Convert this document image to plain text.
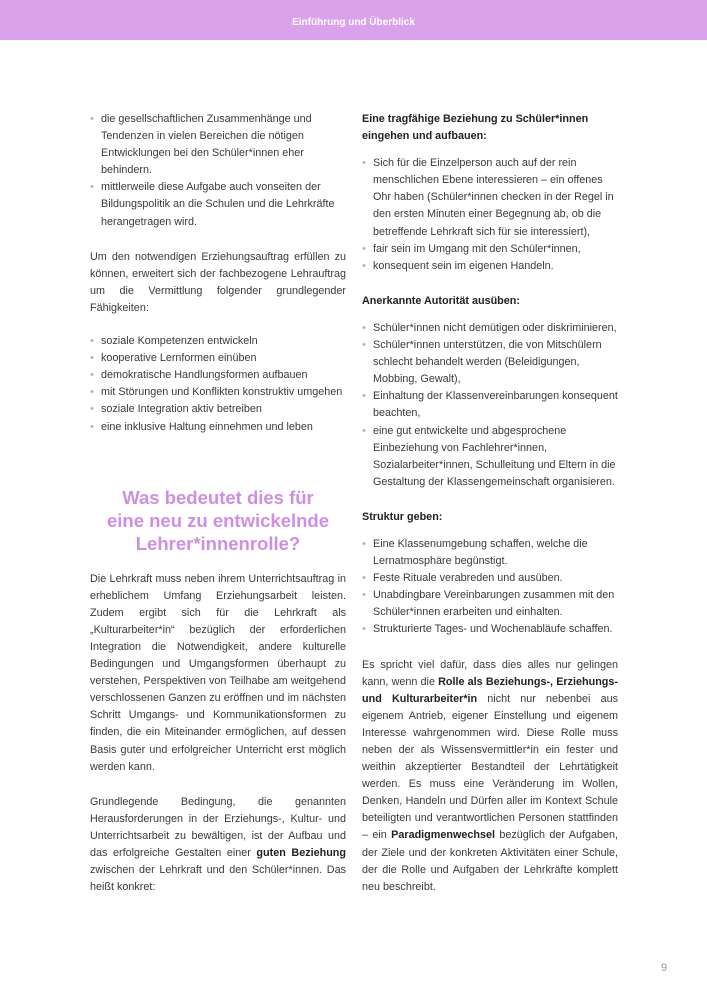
Einführung und Überblick
• die gesellschaftlichen Zusammenhänge und Tendenzen in vielen Bereichen die nötigen Entwicklungen bei den Schüler*innen eher behindern.
• mittlerweile diese Aufgabe auch vonseiten der Bildungspolitik an die Schulen und die Lehrkräfte herangetragen wird.

Um den notwendigen Erziehungsauftrag erfüllen zu können, erweitert sich der fachbezogene Lehrauftrag um die Vermittlung folgender grundlegender Fähigkeiten:

• soziale Kompetenzen entwickeln
• kooperative Lernformen einüben
• demokratische Handlungsformen aufbauen
• mit Störungen und Konflikten konstruktiv umgehen
• soziale Integration aktiv betreiben
• eine inklusive Haltung einnehmen und leben

Was bedeutet dies für

eine neu zu entwickelnde

Lehrer*innenrolle?

Die Lehrkraft muss neben ihrem Unterrichtsauftrag in erheblichem Umfang Erziehungsarbeit leisten. Zudem ergibt sich für die Lehrkraft als „Kulturarbeiter*in“ bezüglich der erforderlichen Integration die Notwendigkeit, andere kulturelle Bedingungen und Umgangsformen überhaupt zu verstehen, Perspektiven von Teilhabe am weitgehend verschlossenen Ganzen zu eröffnen und im nächsten Schritt Umgangs- und Kommunikationsformen zu finden, die ein Miteinander ermöglichen, auf dessen Basis guter und erfolgreicher Unterricht erst möglich werden kann.

Grundlegende Bedingung, die genannten Herausforderungen in der Erziehungs-, Kultur- und Unterrichtsarbeit zu bewältigen, ist der Aufbau und das erfolgreiche Gestalten einer guten Beziehung zwischen der Lehrkraft und den Schüler*innen. Das heißt konkret:

Eine tragfähige Beziehung zu Schüler*innen eingehen und aufbauen:

• Sich für die Einzelperson auch auf der rein menschlichen Ebene interessieren – ein offenes Ohr haben (Schüler*innen checken in der Regel in den ersten Minuten einer Begegnung ab, ob die betreffende Lehrkraft sich für sie interessiert),
• fair sein im Umgang mit den Schüler*innen,
• konsequent sein im eigenen Handeln.

Anerkannte Autorität ausüben:

• Schüler*innen nicht demütigen oder diskriminieren,
• Schüler*innen unterstützen, die von Mitschülern schlecht behandelt werden (Beleidigungen, Mobbing, Gewalt),
• Einhaltung der Klassenvereinbarungen konsequent beachten,
• eine gut entwickelte und abgesprochene Einbeziehung von Fachlehrer*innen, Sozialarbeiter*innen, Schulleitung und Eltern in die Gestaltung der Klassengemeinschaft organisieren.

Struktur geben:

• Eine Klassenumgebung schaffen, welche die Lernatmosphäre begünstigt.
• Feste Rituale verabreden und ausüben.
• Unabdingbare Vereinbarungen zusammen mit den Schüler*innen erarbeiten und einhalten.
• Strukturierte Tages- und Wochenabläufe schaffen.

Es spricht viel dafür, dass dies alles nur gelingen kann, wenn die Rolle als Beziehungs-, Erziehungs- und Kulturarbeiter*in nicht nur nebenbei aus eigenem Antrieb, eigener Einstellung und eigenem Interesse wahrgenommen wird. Diese Rolle muss neben der als Wissensvermittler*in ein fester und weithin akzeptierter Bestandteil der Lehrtätigkeit werden. Es muss eine Veränderung im Wollen, Denken, Handeln und Dürfen aller im Kontext Schule beteiligten und verantwortlichen Personen stattfinden – ein Paradigmenwechsel bezüglich der Aufgaben, der Ziele und der konkreten Aktivitäten einer Schule, der die Rolle und Aufgaben der Lehrkräfte komplett neu beschreibt.

9
